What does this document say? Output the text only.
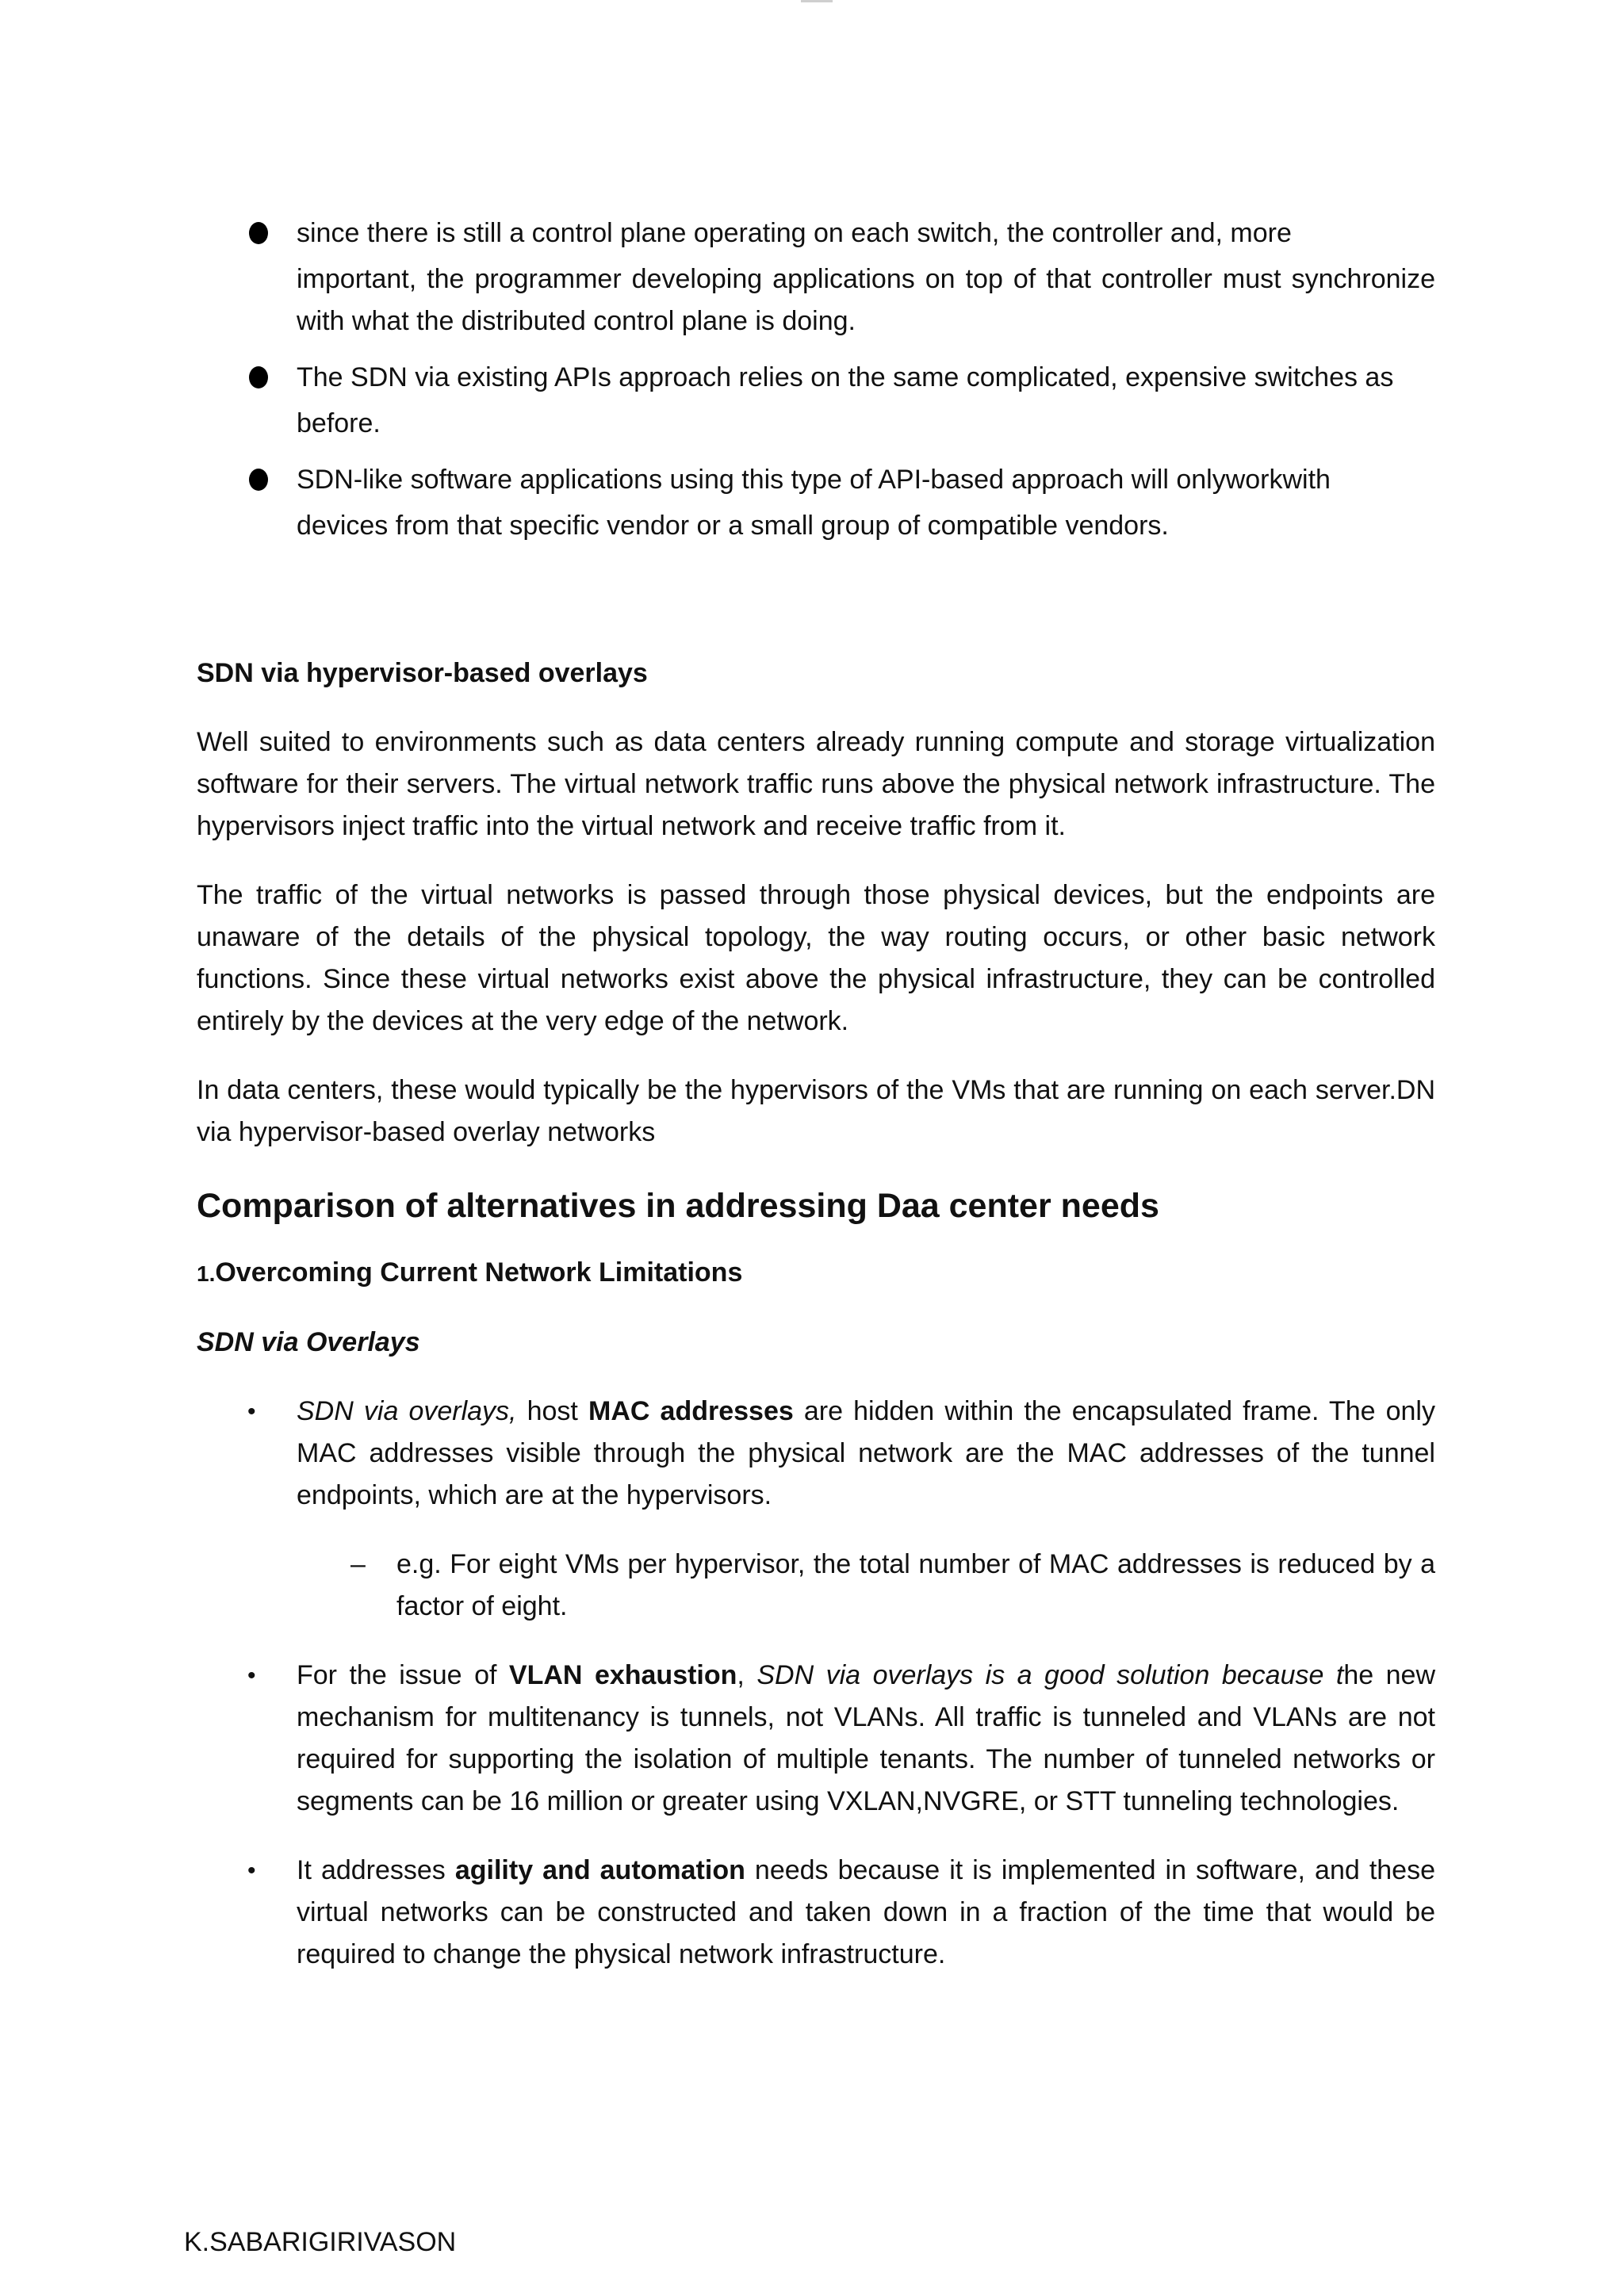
since there is still a control plane operating on each switch, the controller and, more
important, the programmer developing applications on top of that controller must synchronize with what the distributed control plane is doing.
The SDN via existing APIs approach relies on the same complicated, expensive switches as
before.
SDN-like software applications using this type of API-based approach will onlyworkwith
devices from that specific vendor or a small group of compatible vendors.
SDN via hypervisor-based overlays

Well suited to environments such as data centers already running compute and storage virtualization software for their servers. The virtual network trafﬁc runs above the physical network infrastructure. The hypervisors inject trafﬁc into the virtual network and receive trafﬁc from it.

The trafﬁc of the virtual networks is passed through those physical devices, but the endpoints are unaware of the details of the physical topology, the way routing occurs, or other basic network functions. Since these virtual networks exist above the physical infrastructure, they can be controlled entirely by the devices at the very edge of the network.

In data centers, these would typically be the hypervisors of the VMs that are running on each server.DN via hypervisor-based overlay networks

Comparison of alternatives in addressing Daa center needs
1.Overcoming Current Network Limitations
SDN via Overlays
• SDN via overlays, host MAC addresses are hidden within the encapsulated frame. The only MAC addresses visible through the physical network are the MAC addresses of the tunnel endpoints, which are at the hypervisors.
– e.g. For eight VMs per hypervisor, the total number of MAC addresses is reduced by a factor of eight.
• For the issue of VLAN exhaustion, SDN via overlays is a good solution because the new mechanism for multitenancy is tunnels, not VLANs. All trafﬁc is tunneled and VLANs are not required for supporting the isolation of multiple tenants. The number of tunneled networks or segments can be 16 million or greater using VXLAN,NVGRE, or STT tunneling technologies.
• It addresses agility and automation needs because it is implemented in software, and these virtual networks can be constructed and taken down in a fraction of the time that would be required to change the physical network infrastructure.
K.SABARIGIRIVASON
